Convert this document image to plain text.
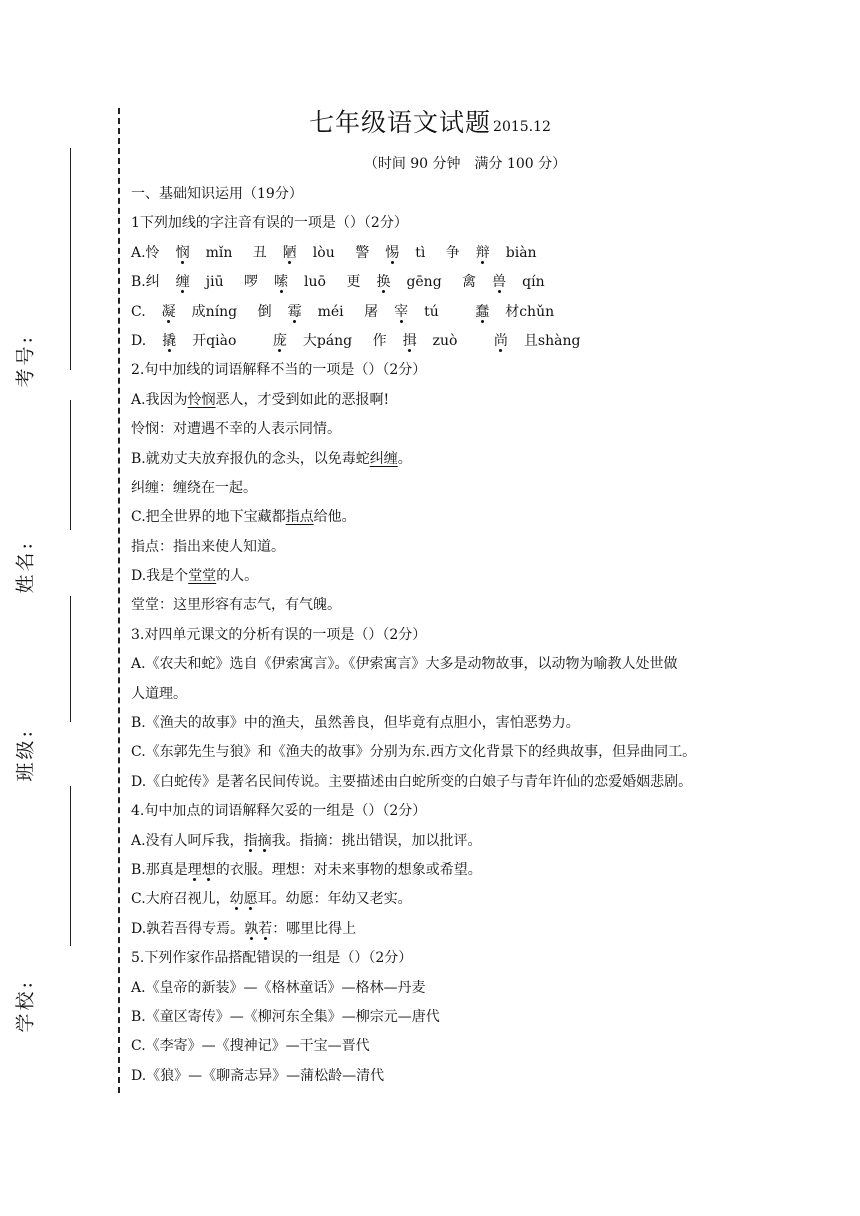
考号:
姓名:
班级:
学校:
七年级语文试题 2015.12
（时间 90 分钟　满分 100 分）
一、基础知识运用（19分）
1下列加线的字注音有误的一项是（）（2分）
A.怜 悯 mǐn 丑 陋 lòu 警 惕 tì 争 辩 biàn
B.纠 缠 jiū 啰 嗦 luō 更 换 gēng 禽 兽 qín
C. 凝 成níng 倒 霉 méi 屠 宰 tú	蠢 材chǔn
D. 撬 开qiào	庞 大páng 作 揖 zuò	尚 且shàng
2.句中加线的词语解释不当的一项是（）（2分）
A.我因为怜悯恶人，才受到如此的恶报啊!
怜悯：对遭遇不幸的人表示同情。
B.就劝丈夫放弃报仇的念头，以免毒蛇纠缠。
纠缠：缠绕在一起。
C.把全世界的地下宝藏都指点给他。
指点：指出来使人知道。
D.我是个堂堂的人。
堂堂：这里形容有志气，有气魄。
3.对四单元课文的分析有误的一项是（）（2分）
A.《农夫和蛇》选自《伊索寓言》。《伊索寓言》大多是动物故事，以动物为喻教人处世做
人道理。
B.《渔夫的故事》中的渔夫，虽然善良，但毕竟有点胆小，害怕恶势力。
C.《东郭先生与狼》和《渔夫的故事》分别为东.西方文化背景下的经典故事，但异曲同工。
D.《白蛇传》是著名民间传说。主要描述由白蛇所变的白娘子与青年许仙的恋爱婚姻悲剧。
4.句中加点的词语解释欠妥的一组是（）（2分）
A.没有人呵斥我，指摘我。指摘：挑出错误，加以批评。
B.那真是理想的衣服。理想：对未来事物的想象或希望。
C.大府召视儿，幼愿耳。幼愿：年幼又老实。
D.孰若吾得专焉。孰若：哪里比得上
5.下列作家作品搭配错误的一组是（）（2分）
A.《皇帝的新装》—《格林童话》—格林—丹麦
B.《童区寄传》—《柳河东全集》—柳宗元—唐代
C.《李寄》—《搜神记》—干宝—晋代
D.《狼》—《聊斋志异》—蒲松龄—清代
